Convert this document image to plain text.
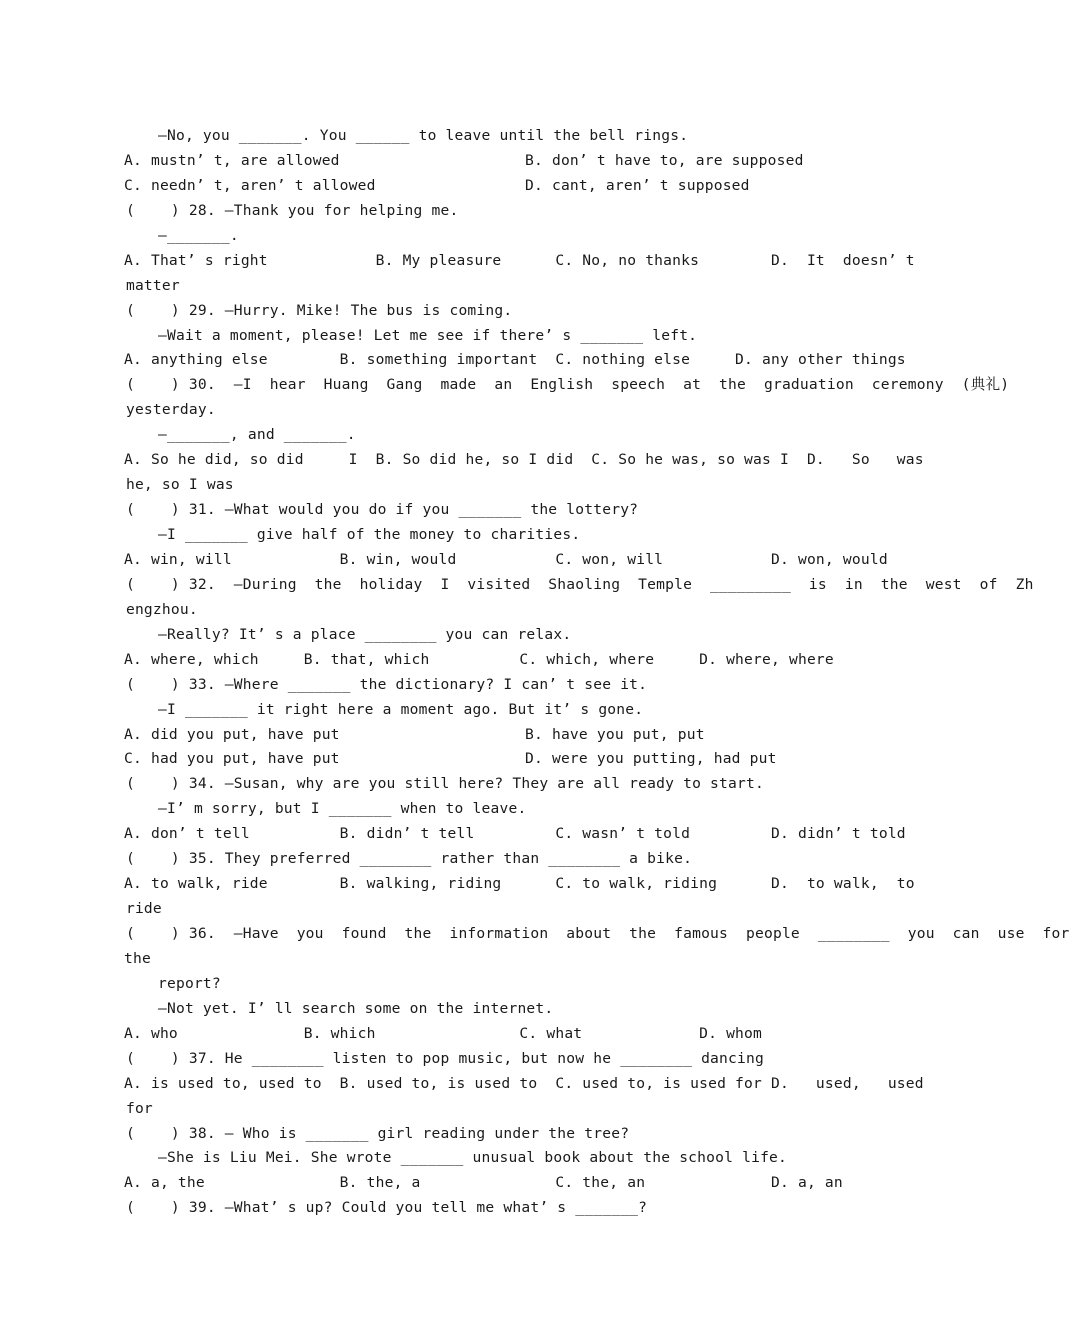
—No, you _______. You ______ to leave until the bell rings.

A. mustn’ t, are allowed

	B. don’ t have to, are supposed

C. needn’ t, aren’ t allowed

	D. cant, aren’ t supposed

(    ) 28. —Thank you for helping me.

—_______.

A. That’ s right            B. My pleasure      C. No, no thanks        D.  It  doesn’ t

matter

(    ) 29. —Hurry. Mike! The bus is coming.

—Wait a moment, please! Let me see if there’ s _______ left.

A. anything else        B. something important  C. nothing else     D. any other things

(    ) 30.  —I  hear  Huang  Gang  made  an  English  speech  at  the  graduation  ceremony  (典礼)

yesterday.

—_______, and _______.

A. So he did, so did     I  B. So did he, so I did  C. So he was, so was I  D.   So   was

he, so I was

(    ) 31. —What would you do if you _______ the lottery?

—I _______ give half of the money to charities.

A. win, will            B. win, would           C. won, will            D. won, would

(    ) 32.  —During  the  holiday  I  visited  Shaoling  Temple  _________  is  in  the  west  of  Zh

engzhou.

—Really? It’ s a place ________ you can relax.

A. where, which     B. that, which          C. which, where     D. where, where

(    ) 33. —Where _______ the dictionary? I can’ t see it.

—I _______ it right here a moment ago. But it’ s gone.

A. did you put, have put

	B. have you put, put

C. had you put, have put

	D. were you putting, had put

(    ) 34. —Susan, why are you still here? They are all ready to start.

—I’ m sorry, but I _______ when to leave.

A. don’ t tell          B. didn’ t tell         C. wasn’ t told         D. didn’ t told

(    ) 35. They preferred ________ rather than ________ a bike.

A. to walk, ride        B. walking, riding      C. to walk, riding      D.  to walk,  to

ride

(    ) 36.  —Have  you  found  the  information  about  the  famous  people  ________  you  can  use  for

the

report?

—Not yet. I’ ll search some on the internet.

A. who              B. which                C. what             D. whom

(    ) 37. He ________ listen to pop music, but now he ________ dancing

A. is used to, used to  B. used to, is used to  C. used to, is used for D.   used,   used

for

(    ) 38. — Who is _______ girl reading under the tree?

—She is Liu Mei. She wrote _______ unusual book about the school life.

A. a, the               B. the, a               C. the, an              D. a, an

(    ) 39. —What’ s up? Could you tell me what’ s _______?
